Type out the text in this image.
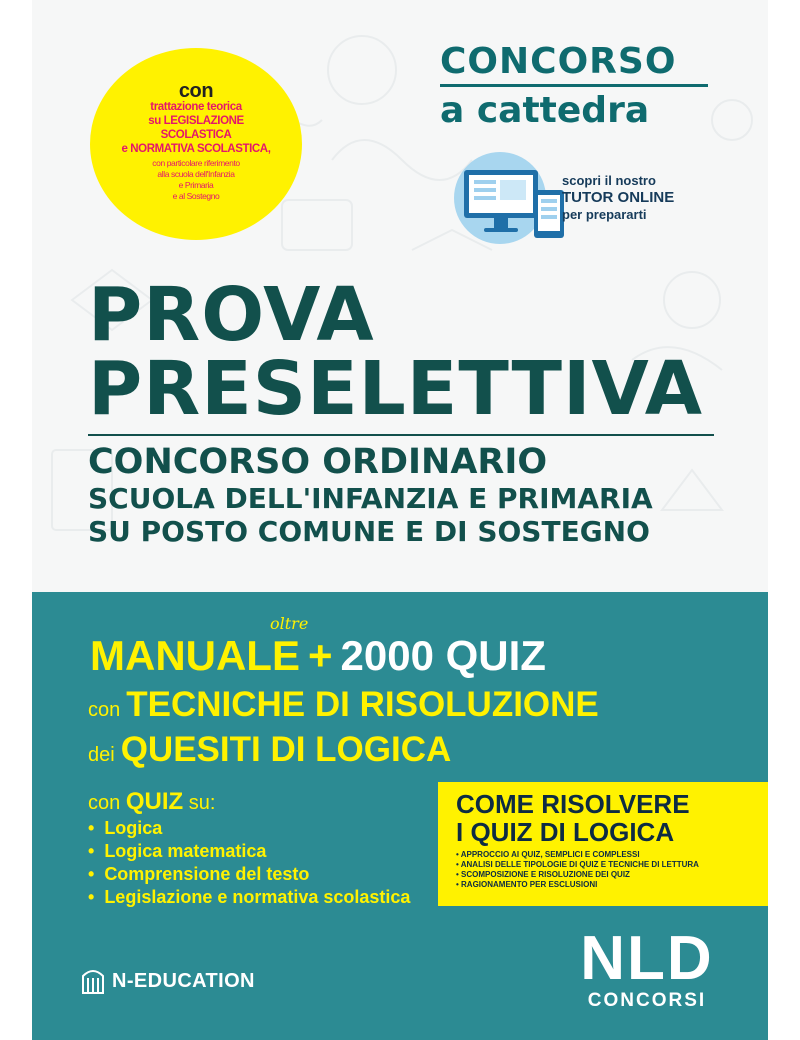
con
trattazione teorica
su LEGISLAZIONE
SCOLASTICA
e NORMATIVA SCOLASTICA,
con particolare riferimento
alla scuola dell'Infanzia
e Primaria
e al Sostegno
CONCORSO
a cattedra
scopri il nostro
TUTOR ONLINE
per prepararti
PROVA
PRESELETTIVA
CONCORSO ORDINARIO
SCUOLA DELL'INFANZIA E PRIMARIA
SU POSTO COMUNE E DI SOSTEGNO
oltre
MANUALE + 2000 QUIZ
con TECNICHE DI RISOLUZIONE
dei QUESITI DI LOGICA
con QUIZ su:
• Logica
• Logica matematica
• Comprensione del testo
• Legislazione e normativa scolastica
COME RISOLVERE
I QUIZ DI LOGICA
• APPROCCIO AI QUIZ, SEMPLICI E COMPLESSI
• ANALISI DELLE TIPOLOGIE DI QUIZ E TECNICHE DI LETTURA
• SCOMPOSIZIONE E RISOLUZIONE DEI QUIZ
• RAGIONAMENTO PER ESCLUSIONI
N-EDUCATION	NLD
CONCORSI
